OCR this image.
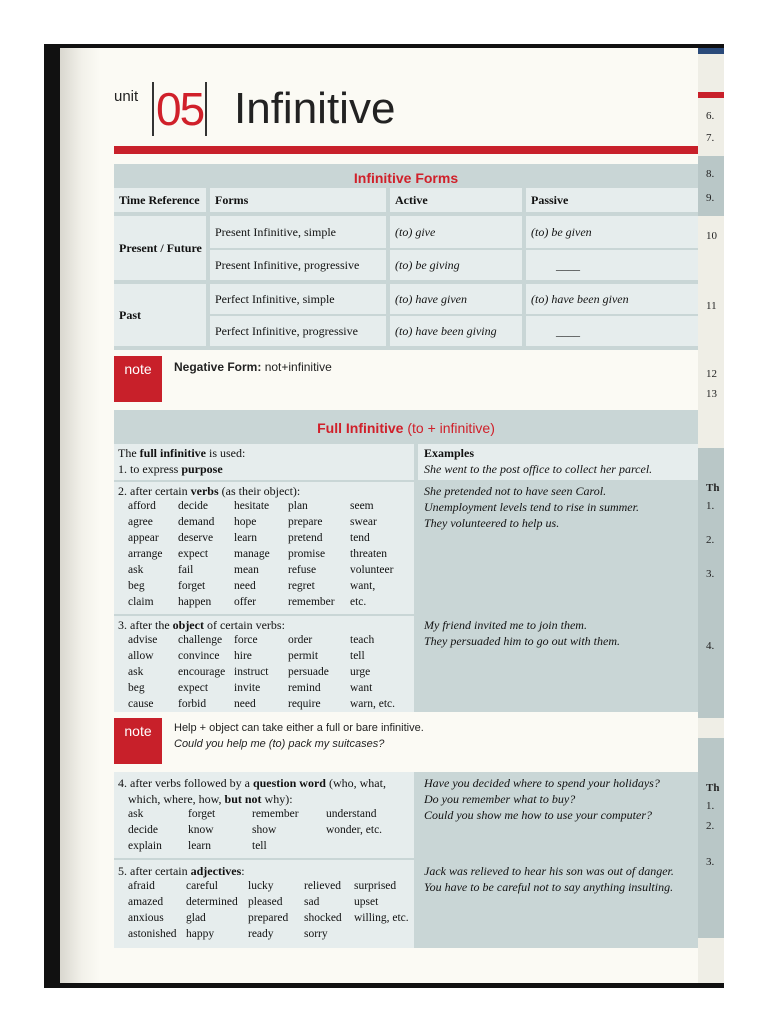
6.
7.
8.
9.
10
11
12
13
Th
1.
2.
3.
4.
Th
1.
2.
3.
unit 05 Infinitive
Infinitive Forms
Time Reference	Forms	Active	Passive
Present / Future
Present Infinitive, simple	(to) give	(to) be given
Present Infinitive, progressive	(to) be giving	____
Past
Perfect Infinitive, simple	(to) have given	(to) have been given
Perfect Infinitive, progressive	(to) have been giving	____
note	Negative Form: not+infinitive
Full Infinitive (to + infinitive)
The full infinitive is used:
1. to express purpose
Examples
She went to the post office to collect her parcel.
2. after certain verbs (as their object):
afford decide hesitate plan	seem
agree demand hope	prepare swear
appear deserve learn	pretend tend
arrange expect manage promise threaten
ask	fail	mean	refuse	volunteer
beg	forget need	regret	want,
claim happen offer	remember etc.
She pretended not to have seen Carol.
Unemployment levels tend to rise in summer.
They volunteered to help us.
3. after the object of certain verbs:
advise challenge force	order	teach
allow convince hire	permit	tell
ask	encourage instruct persuade urge
beg	expect invite remind	want
cause forbid need	require	warn, etc.
My friend invited me to join them.
They persuaded him to go out with them.
note	Help + object can take either a full or bare infinitive.
Could you help me (to) pack my suitcases?
4. after verbs followed by a question word (who, what,
which, where, how, but not why):
ask	forget	remember understand
decide	know	show	wonder, etc.
explain learn	tell
Have you decided where to spend your holidays?
Do you remember what to buy?
Could you show me how to use your computer?
5. after certain adjectives:
afraid	careful	lucky	relieved surprised
amazed determined pleased sad	upset
anxious glad	prepared shocked willing, etc.
astonished happy	ready	sorry
Jack was relieved to hear his son was out of danger.
You have to be careful not to say anything insulting.
